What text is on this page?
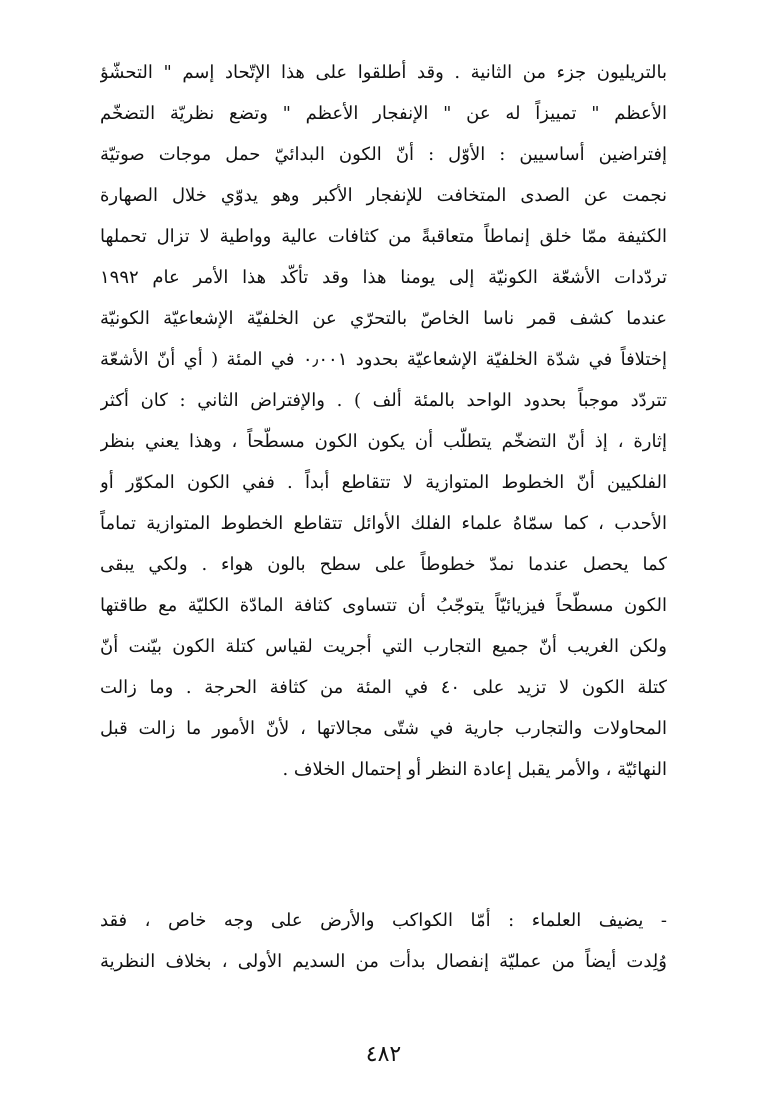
بالتريليون جزء من الثانية . وقد أطلقوا على هذا الإتّحاد إسم " التحشّؤ
الأعظم " تمييزاً له عن " الإنفجار الأعظم " وتضع نظريّة التضخّم
إفتراضين أساسيين : الأوّل : أنّ الكون البدائيّ حمل موجات صوتيّة
نجمت عن الصدى المتخافت للإنفجار الأكبر وهو يدوّي خلال الصهارة
الكثيفة ممّا خلق إنماطاً متعاقبةً من كثافات عالية وواطية لا تزال تحملها
تردّدات الأشعّة الكونيّة إلى يومنا هذا وقد تأكّد هذا الأمر عام ١٩٩٢
عندما كشف قمر ناسا الخاصّ بالتحرّي عن الخلفيّة الإشعاعيّة الكونيّة
إختلافاً في شدّة الخلفيّة الإشعاعيّة بحدود ٠٫٠٠١ في المئة ( أي أنّ الأشعّة
تتردّد موجباً بحدود الواحد بالمئة ألف ) . والإفتراض الثاني : كان أكثر
إثارة ، إذ أنّ التضخّم يتطلّب أن يكون الكون مسطّحاً ، وهذا يعني بنظر
الفلكيين أنّ الخطوط المتوازية لا تتقاطع أبداً . ففي الكون المكوّر أو
الأحدب ، كما سمّاهُ علماء الفلك الأوائل تتقاطع الخطوط المتوازية تماماً
كما يحصل عندما نمدّ خطوطاً على سطح بالون هواء . ولكي يبقى
الكون مسطّحاً فيزيائيّاً يتوجّبُ أن تتساوى كثافة المادّة الكليّة مع طاقتها
ولكن الغريب أنّ جميع التجارب التي أجريت لقياس كتلة الكون بيّنت أنّ
كتلة الكون لا تزيد على ٤٠ في المئة من كثافة الحرجة . وما زالت
المحاولات والتجارب جارية في شتّى مجالاتها ، لأنّ الأمور ما زالت قبل
النهائيّة ، والأمر يقبل إعادة النظر أو إحتمال الخلاف .
- يضيف العلماء : أمّا الكواكب والأرض على وجه خاص ، فقد
وُلِدت أيضاً من عمليّة إنفصال بدأت من السديم الأولى ، بخلاف النظرية
٤٨٢
